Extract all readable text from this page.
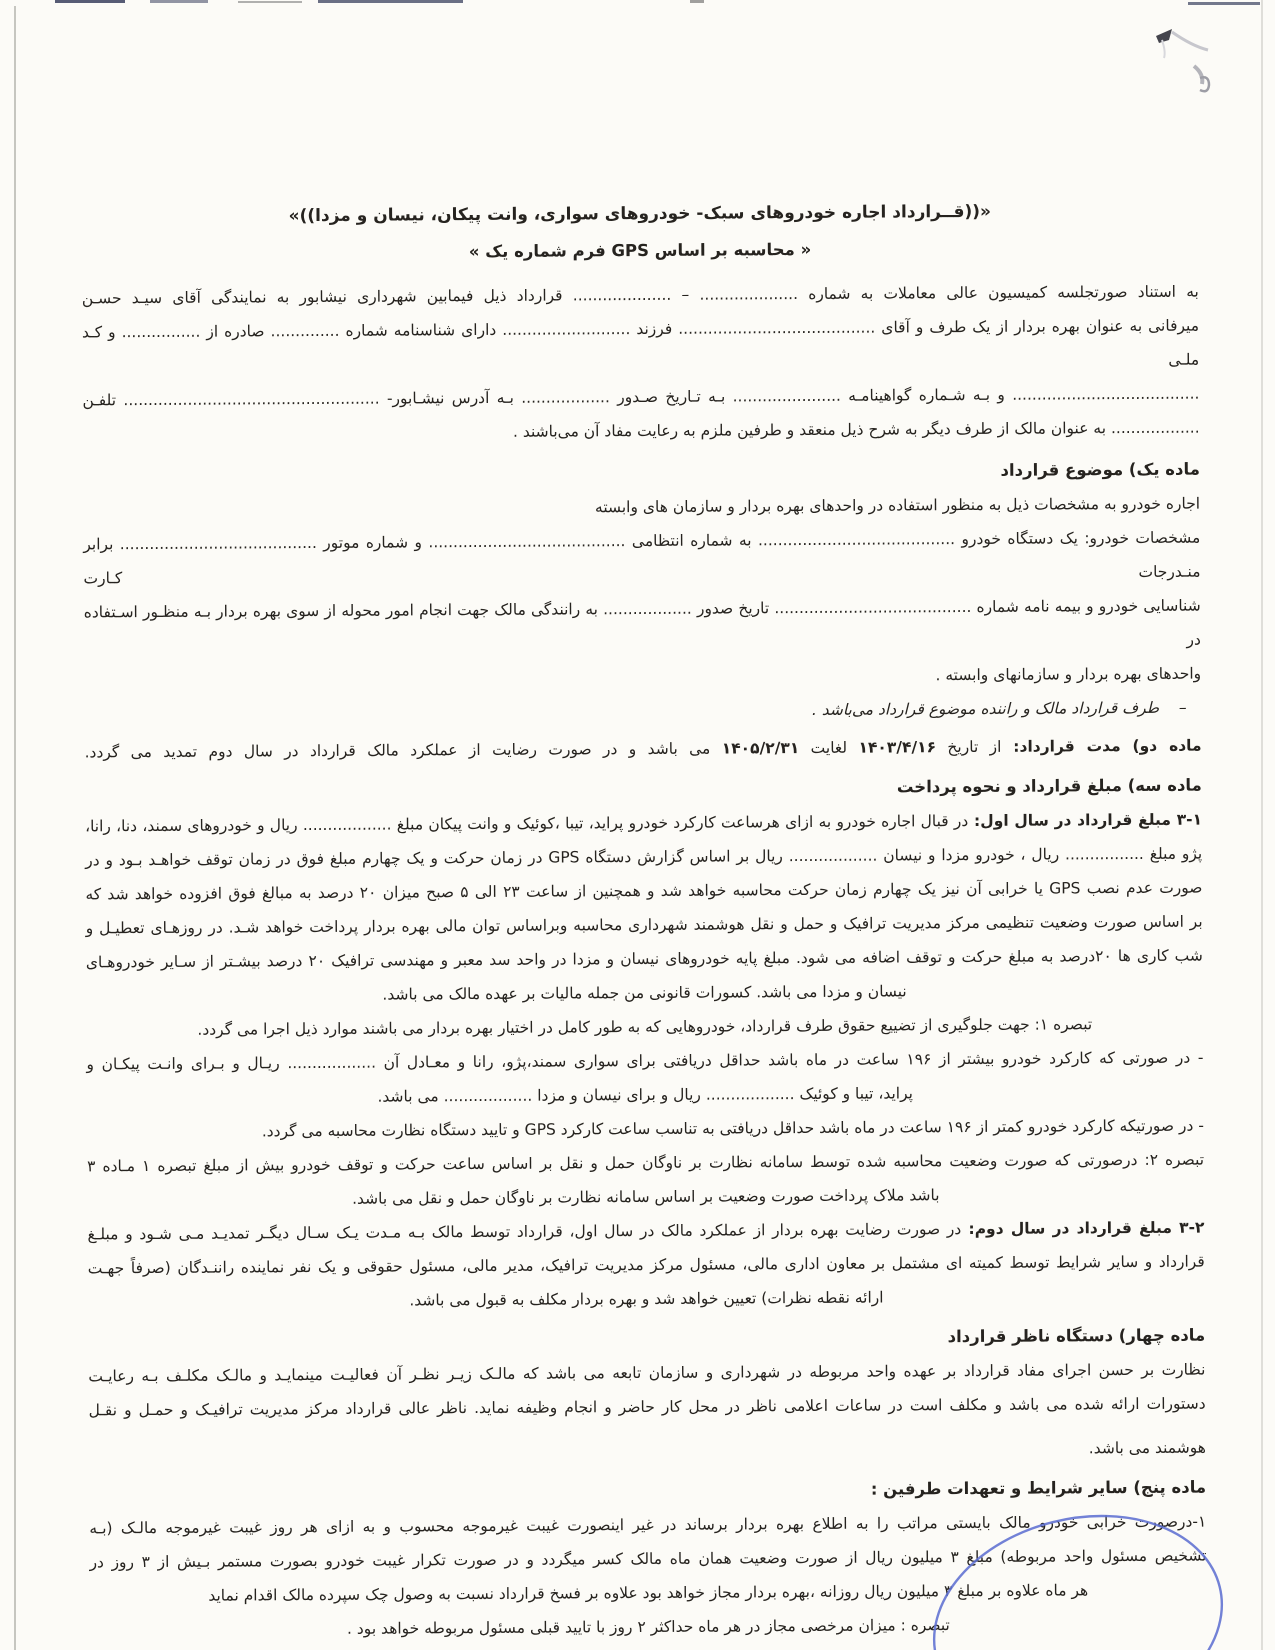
«((قــرارداد اجاره خودروهای سبک- خودروهای سواری، وانت پیکان، نیسان و مزدا))»
« محاسبه بر اساس GPS فرم شماره یک »
به استناد صورتجلسه کمیسیون عالی معاملات به شماره .................... – .................... قرارداد ذیل فیمابین شهرداری نیشابور به نمایندگی آقای سیـد حسـن
میرفانی به عنوان بهره بردار از یک طرف و آقای ........................................ فرزند .......................... دارای شناسنامه شماره .............. صادره از ................ و کـد ملـی
...................................... و بـه شـماره گواهینامـه ...................... بـه تـاریخ صـدور .................. بـه آدرس نیشـابور- .................................................... تلفـن
.................. به عنوان مالک از طرف دیگر به شرح ذیل منعقد و طرفین ملزم به رعایت مفاد آن می‌باشند .
ماده یک) موضوع قرارداد
اجاره خودرو به مشخصات ذیل به منظور استفاده در واحدهای بهره بردار و سازمان های وابسته
مشخصات خودرو: یک دستگاه خودرو ........................................ به شماره انتظامی ........................................ و شماره موتور ........................................ برابر منـدرجات کـارت
شناسایی خودرو و بیمه نامه شماره ........................................ تاریخ صدور .................. به رانندگی مالک جهت انجام امور محوله از سوی بهره بردار بـه منظـور اسـتفاده در
واحدهای بهره بردار و سازمانهای وابسته .
–    طرف قرارداد مالک و راننده موضوع قرارداد می‌باشد .
ماده دو) مدت قرارداد: از تاریخ ۱۴۰۳/۴/۱۶ لغایت ۱۴۰۵/۲/۳۱ می باشد و در صورت رضایت از عملکرد مالک قرارداد در سال دوم تمدید می گردد.
ماده سه) مبلغ قرارداد و نحوه پرداخت
۳-۱ مبلغ قرارداد در سال اول: در قبال اجاره خودرو به ازای هرساعت کارکرد خودرو پراید، تیبا ،کوئیک و وانت پیکان مبلغ .................. ریال و خودروهای سمند، دنا، رانا،
پژو مبلغ ................ ریال ، خودرو مزدا و نیسان .................. ریال بر اساس گزارش دستگاه GPS در زمان حرکت و یک چهارم مبلغ فوق در زمان توقف خواهـد بـود و در
صورت عدم نصب GPS یا خرابی آن نیز یک چهارم زمان حرکت محاسبه خواهد شد و همچنین از ساعت ۲۳ الی ۵ صبح میزان ۲۰ درصد به مبالغ فوق افزوده خواهد شد که
بر اساس صورت وضعیت تنظیمی مرکز مدیریت ترافیک و حمل و نقل هوشمند شهرداری محاسبه وبراساس توان مالی بهره بردار پرداخت خواهد شـد. در روزهـای تعطیـل و
شب کاری ها ۲۰درصد به مبلغ حرکت و توقف اضافه می شود. مبلغ پایه خودروهای نیسان و مزدا در واحد سد معبر و مهندسی ترافیک ۲۰ درصد بیشـتر از سـایر خودروهـای
نیسان و مزدا می باشد. کسورات قانونی من جمله مالیات بر عهده مالک می باشد.
تبصره ۱: جهت جلوگیری از تضییع حقوق طرف قرارداد، خودروهایی که به طور کامل در اختیار بهره بردار می باشند موارد ذیل اجرا می گردد.
- در صورتی که کارکرد خودرو بیشتر از ۱۹۶ ساعت در ماه باشد حداقل دریافتی برای سواری سمند،پژو، رانا و معـادل آن .................. ریـال و بـرای وانـت پیکـان و
پراید، تیبا و کوئیک .................. ریال و برای نیسان و مزدا .................. می باشد.
- در صورتیکه کارکرد خودرو کمتر از ۱۹۶ ساعت در ماه باشد حداقل دریافتی به تناسب ساعت کارکرد GPS و تایید دستگاه نظارت محاسبه می گردد.
تبصره ۲: درصورتی که صورت وضعیت محاسبه شده توسط سامانه نظارت بر ناوگان حمل و نقل بر اساس ساعت حرکت و توقف خودرو بیش از مبلغ تبصره ۱ مـاده ۳
باشد ملاک پرداخت صورت وضعیت بر اساس سامانه نظارت بر ناوگان حمل و نقل می باشد.
۳-۲ مبلغ قرارداد در سال دوم: در صورت رضایت بهره بردار از عملکرد مالک در سال اول، قرارداد توسط مالک بـه مـدت یـک سـال دیگـر تمدیـد مـی شـود و مبلـغ
قرارداد و سایر شرایط توسط کمیته ای مشتمل بر معاون اداری مالی، مسئول مرکز مدیریت ترافیک، مدیر مالی، مسئول حقوقی و یک نفر نماینده راننـدگان (صرفاً جهـت
ارائه نقطه نظرات) تعیین خواهد شد و بهره بردار مکلف به قبول می باشد.
ماده چهار) دستگاه ناظر قرارداد
نظارت بر حسن اجرای مفاد قرارداد بر عهده واحد مربوطه در شهرداری و سازمان تابعه می باشد که مالـک زیـر نظـر آن فعالیـت مینمایـد و مالـک مکلـف بـه رعایـت
دستورات ارائه شده می باشد و مکلف است در ساعات اعلامی ناظر در محل کار حاضر و انجام وظیفه نماید. ناظر عالی قرارداد مرکز مدیریت ترافیـک و حمـل و نقـل
هوشمند می باشد.
ماده پنج) سایر شرایط و تعهدات طرفین :
۱-درصورت خرابی خودرو مالک بایستی مراتب را به اطلاع بهره بردار برساند در غیر اینصورت غیبت غیرموجه محسوب و به ازای هر روز غیبت غیرموجه مالـک (بـه
تشخیص مسئول واحد مربوطه) مبلغ ۳ میلیون ریال از صورت وضعیت همان ماه مالک کسر میگردد و در صورت تکرار غیبت خودرو بصورت مستمر بـیش از ۳ روز در
هر ماه علاوه بر مبلغ ۳ میلیون ریال روزانه ،بهره بردار مجاز خواهد بود علاوه بر فسخ قرارداد نسبت به وصول چک سپرده مالک اقدام نماید
تبصره : میزان مرخصی مجاز در هر ماه حداکثر ۲ روز با تایید قبلی مسئول مربوطه خواهد بود .
